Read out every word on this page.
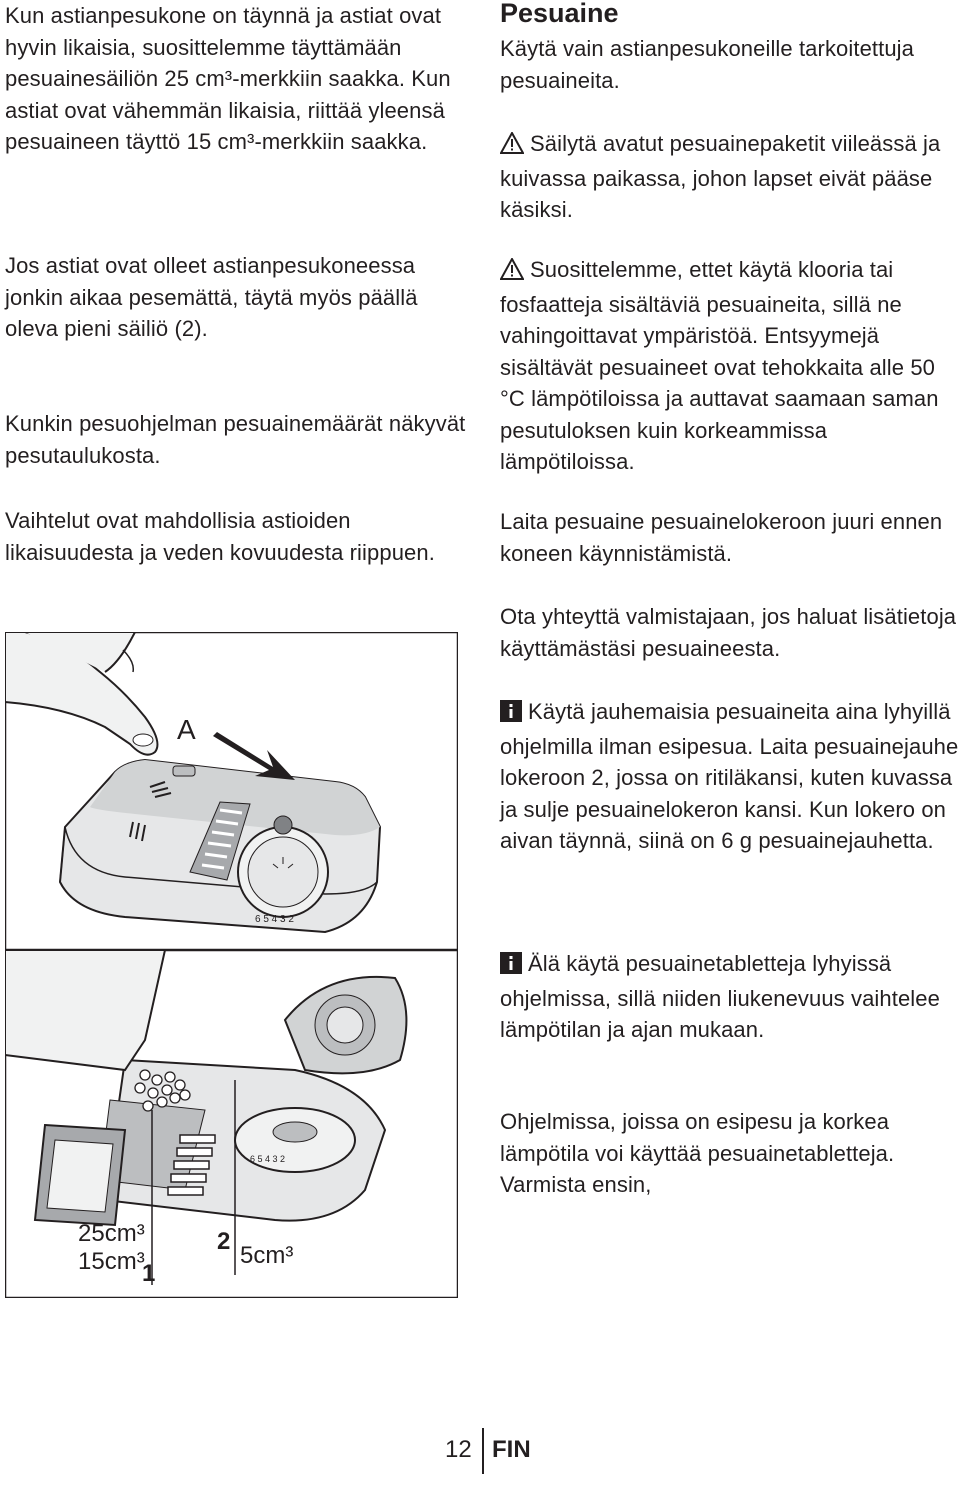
Kun astianpesukone on täynnä ja astiat ovat hyvin likaisia, suosittelemme täyttämään pesuainesäiliön 25 cm³-merkkiin saakka. Kun astiat ovat vähemmän likaisia, riittää yleensä pesuaineen täyttö 15 cm³-merkkiin saakka.

Jos astiat ovat olleet astianpesukoneessa jonkin aikaa pesemättä, täytä myös päällä oleva pieni säiliö (2).

Kunkin pesuohjelman pesuainemäärät näkyvät pesutaulukosta.

Vaihtelut ovat mahdollisia astioiden likaisuudesta ja veden kovuudesta riippuen.

6 5 4 3 2
A
6 5 4 3 2
25cm³
15cm³
1
2
5cm³
Pesuaine

Käytä vain astianpesukoneille tarkoitettuja pesuaineita.

Säilytä avatut pesuainepaketit viileässä ja kuivassa paikassa, johon lapset eivät pääse käsiksi.
Suosittelemme, ettet käytä klooria tai fosfaatteja sisältäviä pesuaineita, sillä ne vahingoittavat ympäristöä. Entsyymejä sisältävät pesuaineet ovat tehokkaita alle 50 °C lämpötiloissa ja auttavat saamaan saman pesutuloksen kuin korkeammissa lämpötiloissa.

Laita pesuaine pesuainelokeroon juuri ennen koneen käynnistämistä.

Ota yhteyttä valmistajaan, jos haluat lisätietoja käyttämästäsi pesuaineesta.

Käytä jauhemaisia pesuaineita aina lyhyillä ohjelmilla ilman esipesua. Laita pesuainejauhe lokeroon 2, jossa on ritiläkansi, kuten kuvassa ja sulje pesuainelokeron kansi. Kun lokero on aivan täynnä, siinä on 6 g pesuainejauhetta.
Älä käytä pesuainetabletteja lyhyissä ohjelmissa, sillä niiden liukenevuus vaihtelee lämpötilan ja ajan mukaan.

Ohjelmissa, joissa on esipesu ja korkea lämpötila voi käyttää pesuainetabletteja. Varmista ensin,

12 FIN
